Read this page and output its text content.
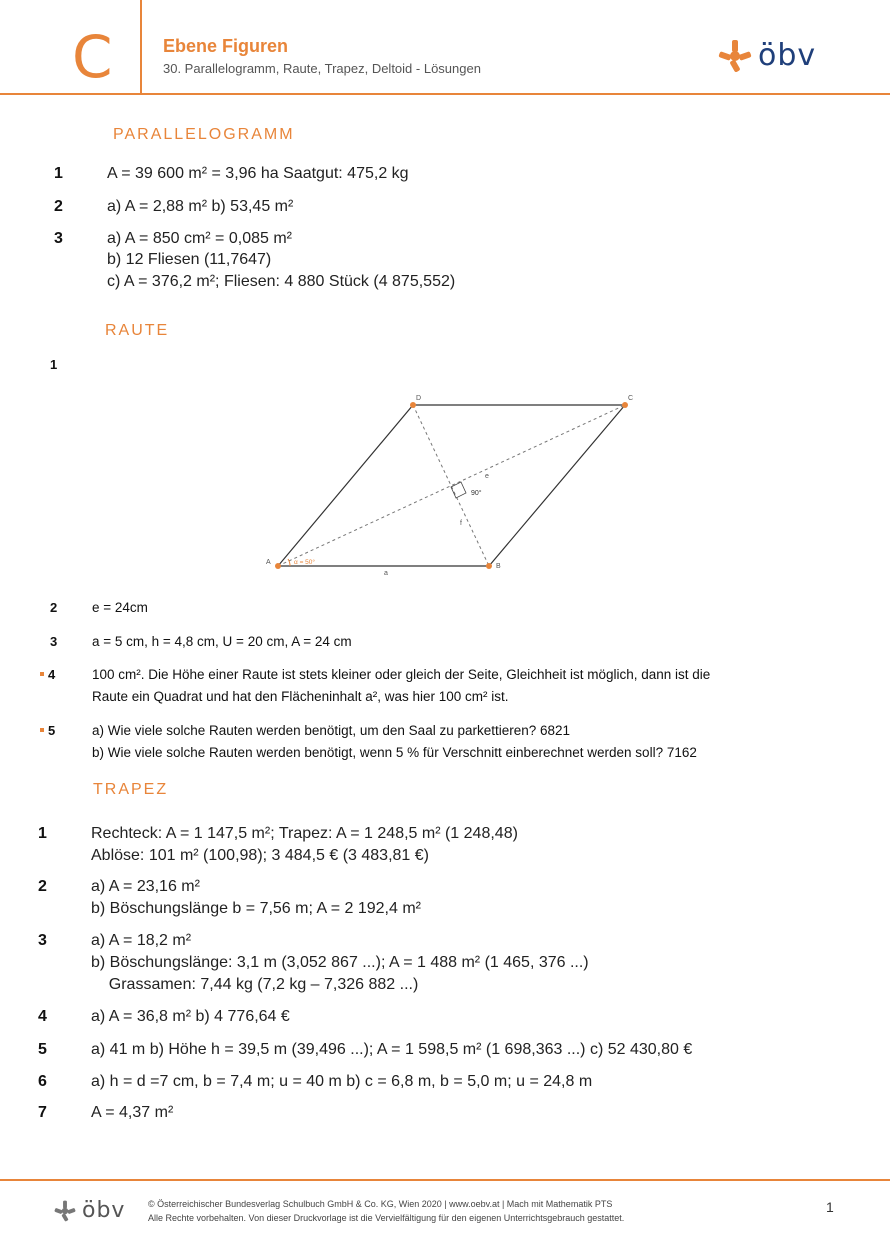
C	Ebene Figuren
30. Parallelogramm, Raute, Trapez, Deltoid - Lösungen	öbv
PARALLELOGRAMM
1	A = 39 600 m² = 3,96 ha Saatgut: 475,2 kg
2	a) A = 2,88 m² b) 53,45 m²
3	a) A = 850 cm² = 0,085 m²
b) 12 Fliesen (11,7647)
c) A = 376,2 m²; Fliesen: 4 880 Stück (4 875,552)
RAUTE
1
A
B
C
D
a
e
f
90°
α = 50°
2	e = 24cm
3	a = 5 cm, h = 4,8 cm, U = 20 cm, A = 24 cm
4	100 cm². Die Höhe einer Raute ist stets kleiner oder gleich der Seite, Gleichheit ist möglich, dann ist die
Raute ein Quadrat und hat den Flächeninhalt a², was hier 100 cm² ist.
5	a) Wie viele solche Rauten werden benötigt, um den Saal zu parkettieren? 6821
b) Wie viele solche Rauten werden benötigt, wenn 5 % für Verschnitt einberechnet werden soll? 7162
TRAPEZ
1	Rechteck: A = 1 147,5 m²; Trapez: A = 1 248,5 m² (1 248,48)
Ablöse: 101 m² (100,98); 3 484,5 € (3 483,81 €)
2	a) A = 23,16 m²
b) Böschungslänge b = 7,56 m; A = 2 192,4 m²
3	a) A = 18,2 m²
b) Böschungslänge: 3,1 m (3,052 867 ...); A = 1 488 m² (1 465, 376 ...)
Grassamen: 7,44 kg (7,2 kg – 7,326 882 ...)
4	a) A = 36,8 m² b) 4 776,64 €
5	a) 41 m b) Höhe h = 39,5 m (39,496 ...); A = 1 598,5 m² (1 698,363 ...) c) 52 430,80 €
6	a) h = d =7 cm, b = 7,4 m; u = 40 m b) c = 6,8 m, b = 5,0 m; u = 24,8 m
7	A = 4,37 m²
öbv	© Österreichischer Bundesverlag Schulbuch GmbH & Co. KG, Wien 2020 | www.oebv.at | Mach mit Mathematik PTS
Alle Rechte vorbehalten. Von dieser Druckvorlage ist die Vervielfältigung für den eigenen Unterrichtsgebrauch gestattet.
1
